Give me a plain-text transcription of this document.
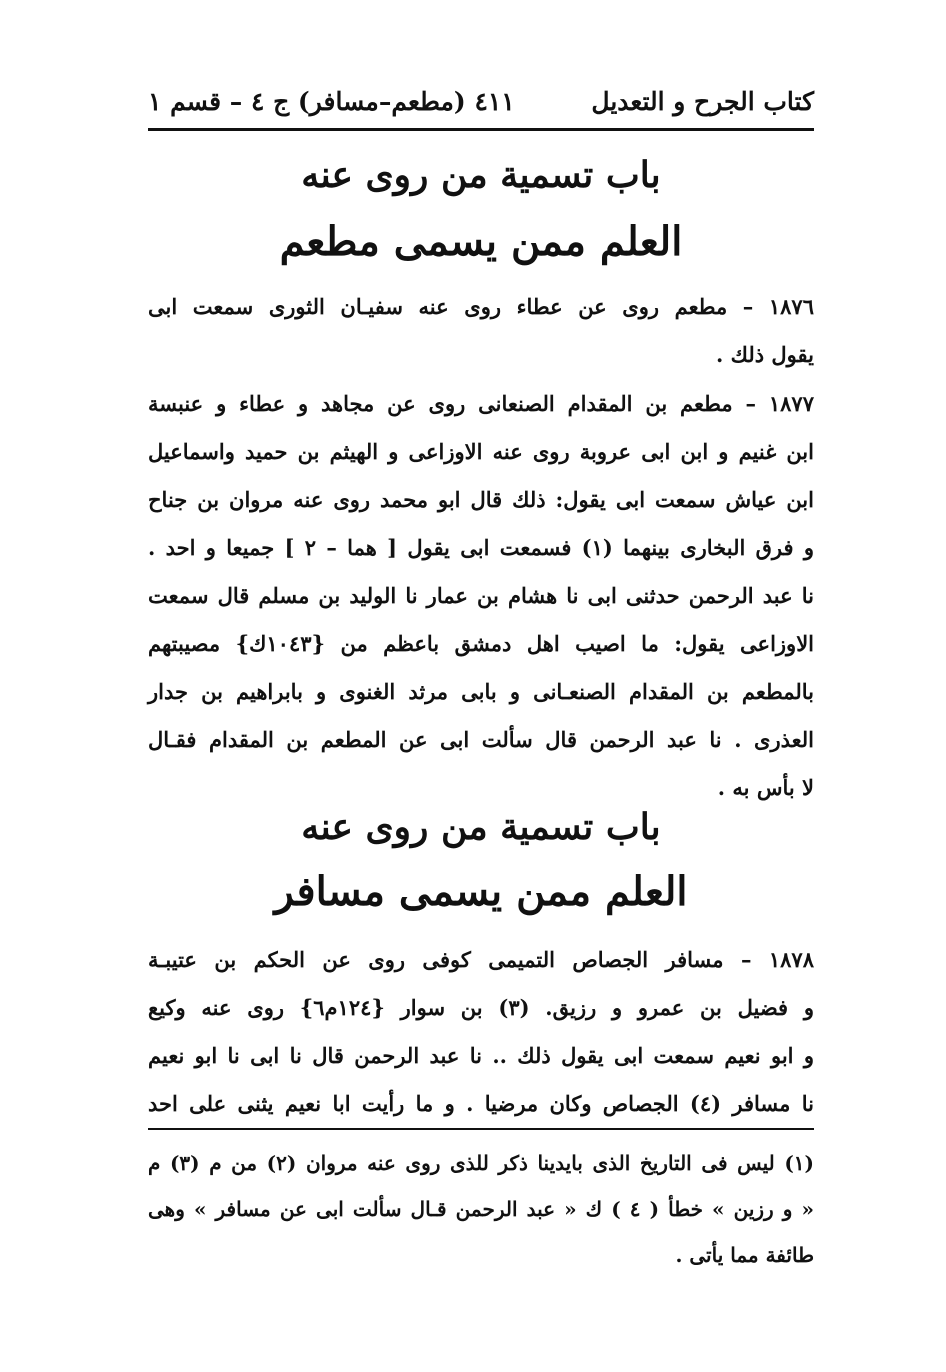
كتاب الجرح و التعديل
٤١١ (مطعم–مسافر) ج ٤ – قسم ١
باب تسمية من روى عنه
العلم ممن يسمى مطعم
١٨٧٦ – مطعم روى عن عطاء روى عنه سفيـان الثورى سمعت ابى
يقول ذلك .
١٨٧٧ – مطعم بن المقدام الصنعانى روى عن مجاهد و عطاء و عنبسة
ابن غنيم و ابن ابى عروبة روى عنه الاوزاعى و الهيثم بن حميد واسماعيل
ابن عياش سمعت ابى يقول: ذلك قال ابو محمد روى عنه مروان بن جناح
و فرق البخارى بينهما (١) فسمعت ابى يقول [ هما – ٢ ] جميعا و احد .
نا عبد الرحمن حدثنى ابى نا هشام بن عمار نا الوليد بن مسلم قال سمعت
الاوزاعى يقول: ما اصيب اهل دمشق باعظم من {١٠٤٣ك} مصيبتهم
بالمطعم بن المقدام الصنعـانى و بابى مرثد الغنوى و بابراهيم بن جدار
العذرى . نا عبد الرحمن قال سألت ابى عن المطعم بن المقدام فقـال
لا بأس به .
باب تسمية من روى عنه
العلم ممن يسمى مسافر
١٨٧٨ – مسافر الجصاص التميمى كوفى روى عن الحكم بن عتيبـة
و فضيل بن عمرو و رزيق. (٣) بن سوار {١٢٤م٦} روى عنه وكيع
و ابو نعيم سمعت ابى يقول ذلك .. نا عبد الرحمن قال نا ابى نا ابو نعيم
نا مسافر (٤) الجصاص وكان مرضيا . و ما رأيت ابا نعيم يثنى على احد
(١) ليس فى التاريخ الذى بايدينا ذكر للذى روى عنه مروان (٢) من م (٣) م
« و رزين » خطأ ( ٤ ) ك « عبد الرحمن قـال سألت ابى عن مسافر » وهى
طائفة مما يأتى .
